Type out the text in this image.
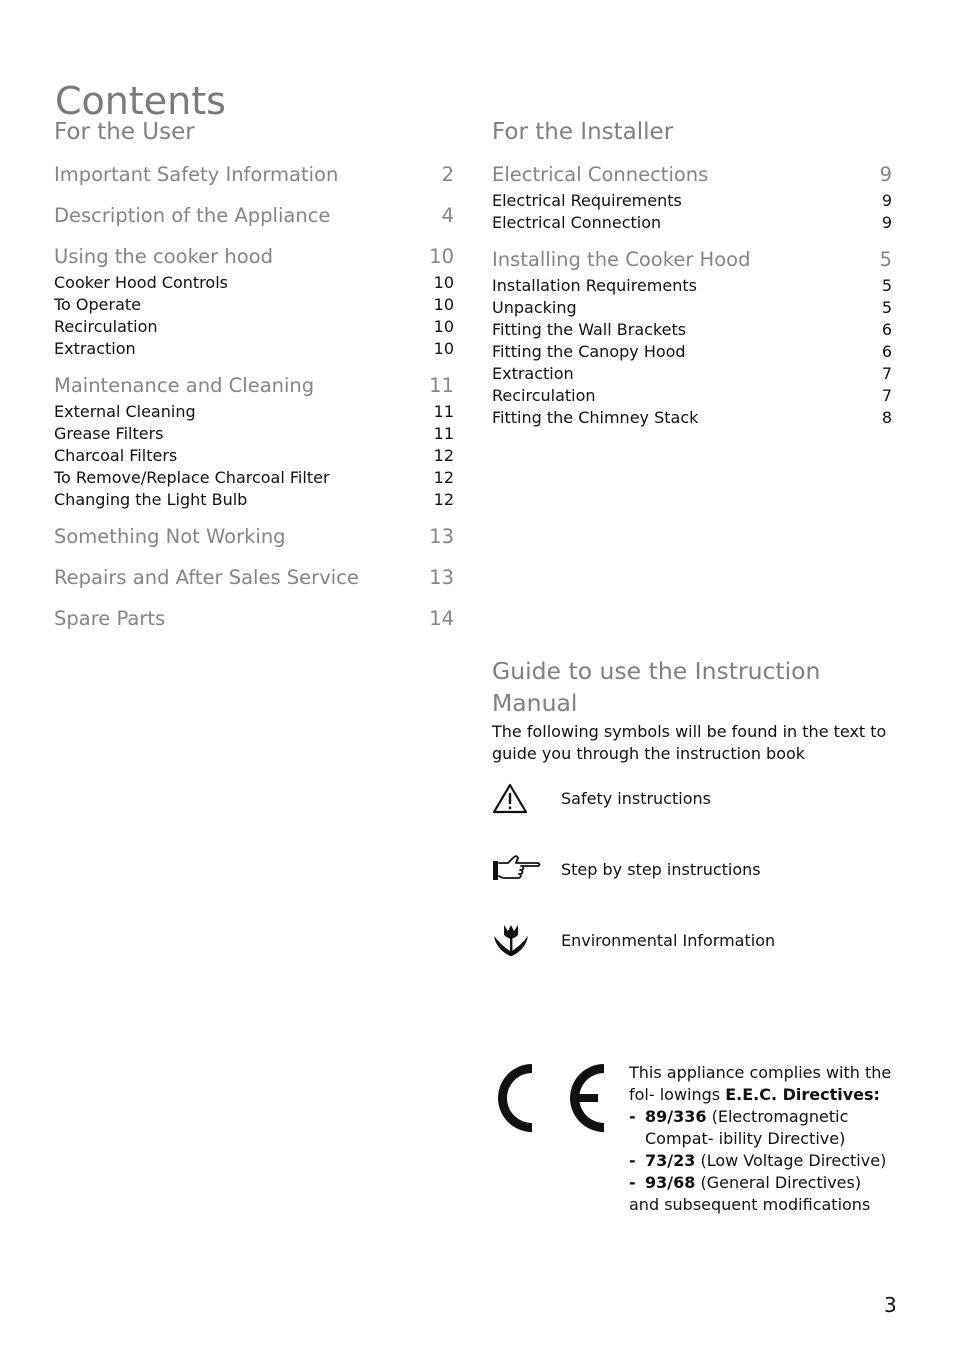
Contents
For the User
Important Safety Information	2
Description of the Appliance	4
Using the cooker hood	10
Cooker Hood Controls	10
To Operate	10
Recirculation	10
Extraction	10
Maintenance and Cleaning	11
External Cleaning	11
Grease Filters	11
Charcoal Filters	12
To Remove/Replace Charcoal Filter	12
Changing the Light Bulb	12
Something Not Working	13
Repairs and After Sales Service	13
Spare Parts	14
For the Installer
Electrical Connections	9
Electrical Requirements	9
Electrical Connection	9
Installing the Cooker Hood	5
Installation Requirements	5
Unpacking	5
Fitting the Wall Brackets	6
Fitting the Canopy Hood	6
Extraction	7
Recirculation	7
Fitting the Chimney Stack	8
Guide to use the Instruction Manual
The following symbols will be found in the text to guide you through the instruction book
Safety instructions
Step by step instructions
Environmental Information
This appliance complies with the fol- lowings E.E.C. Directives:
- 89/336 (Electromagnetic Compat- ibility Directive)
- 73/23 (Low Voltage Directive)
- 93/68 (General Directives)
and subsequent modifications
3
